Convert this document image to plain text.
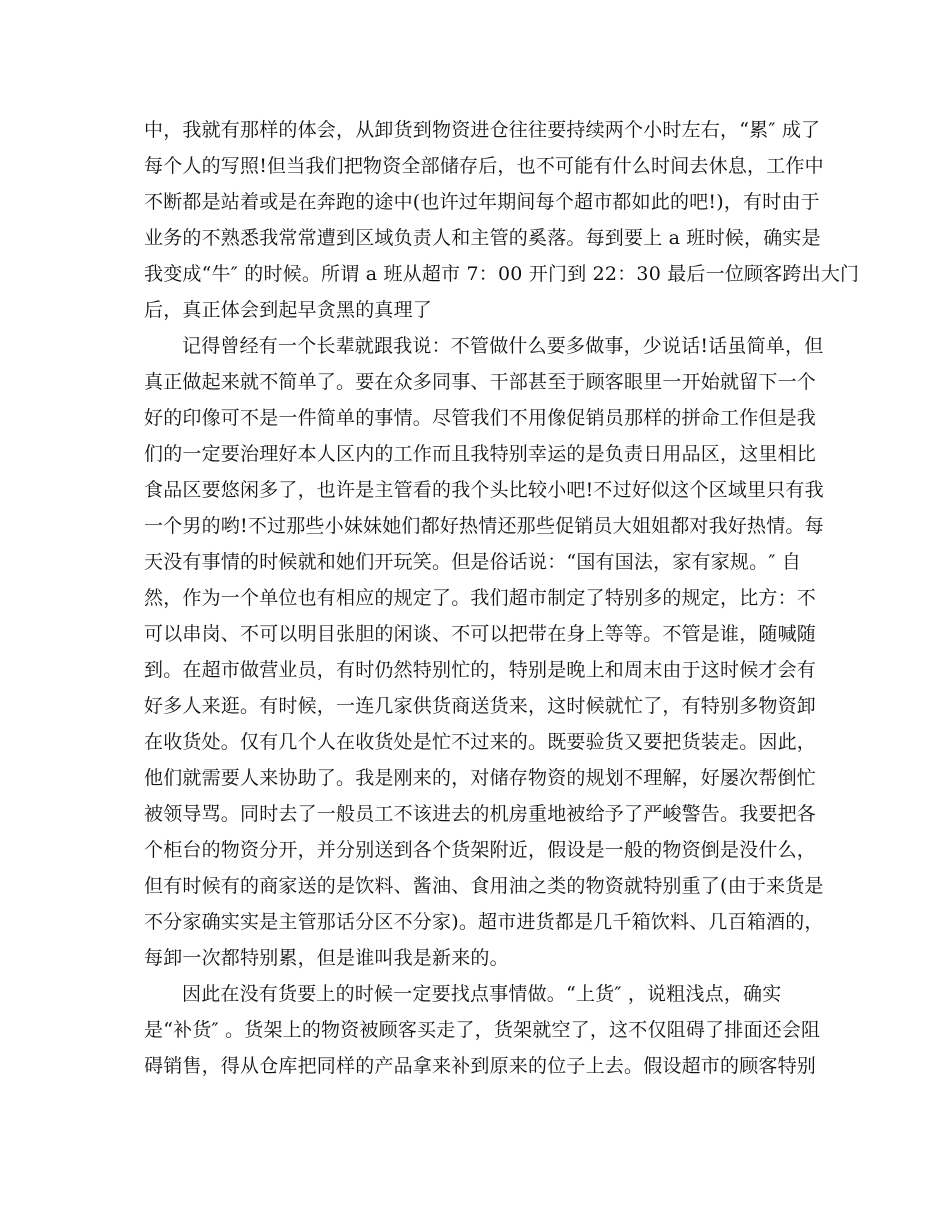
中，我就有那样的体会，从卸货到物资进仓往往要持续两个小时左右，“累″ 成了
每个人的写照!但当我们把物资全部储存后，也不可能有什么时间去休息，工作中
不断都是站着或是在奔跑的途中(也许过年期间每个超市都如此的吧!)，有时由于
业务的不熟悉我常常遭到区域负责人和主管的奚落。每到要上 a 班时候，确实是
我变成“牛″ 的时候。所谓 a 班从超市 7：00 开门到 22：30 最后一位顾客跨出大门
后，真正体会到起早贪黑的真理了
记得曾经有一个长辈就跟我说：不管做什么要多做事，少说话!话虽简单，但
真正做起来就不简单了。要在众多同事、干部甚至于顾客眼里一开始就留下一个
好的印像可不是一件简单的事情。尽管我们不用像促销员那样的拼命工作但是我
们的一定要治理好本人区内的工作而且我特别幸运的是负责日用品区，这里相比
食品区要悠闲多了，也许是主管看的我个头比较小吧!不过好似这个区域里只有我
一个男的哟!不过那些小妹妹她们都好热情还那些促销员大姐姐都对我好热情。每
天没有事情的时候就和她们开玩笑。但是俗话说：“国有国法，家有家规。″ 自
然，作为一个单位也有相应的规定了。我们超市制定了特别多的规定，比方：不
可以串岗、不可以明目张胆的闲谈、不可以把带在身上等等。不管是谁，随喊随
到。在超市做营业员，有时仍然特别忙的，特别是晚上和周末由于这时候才会有
好多人来逛。有时候，一连几家供货商送货来，这时候就忙了，有特别多物资卸
在收货处。仅有几个人在收货处是忙不过来的。既要验货又要把货装走。因此，
他们就需要人来协助了。我是刚来的，对储存物资的规划不理解，好屡次帮倒忙
被领导骂。同时去了一般员工不该进去的机房重地被给予了严峻警告。我要把各
个柜台的物资分开，并分别送到各个货架附近，假设是一般的物资倒是没什么，
但有时候有的商家送的是饮料、酱油、食用油之类的物资就特别重了(由于来货是
不分家确实实是主管那话分区不分家)。超市进货都是几千箱饮料、几百箱酒的，
每卸一次都特别累，但是谁叫我是新来的。
因此在没有货要上的时候一定要找点事情做。“上货″ ，说粗浅点，确实
是“补货″ 。货架上的物资被顾客买走了，货架就空了，这不仅阻碍了排面还会阻
碍销售，得从仓库把同样的产品拿来补到原来的位子上去。假设超市的顾客特别
